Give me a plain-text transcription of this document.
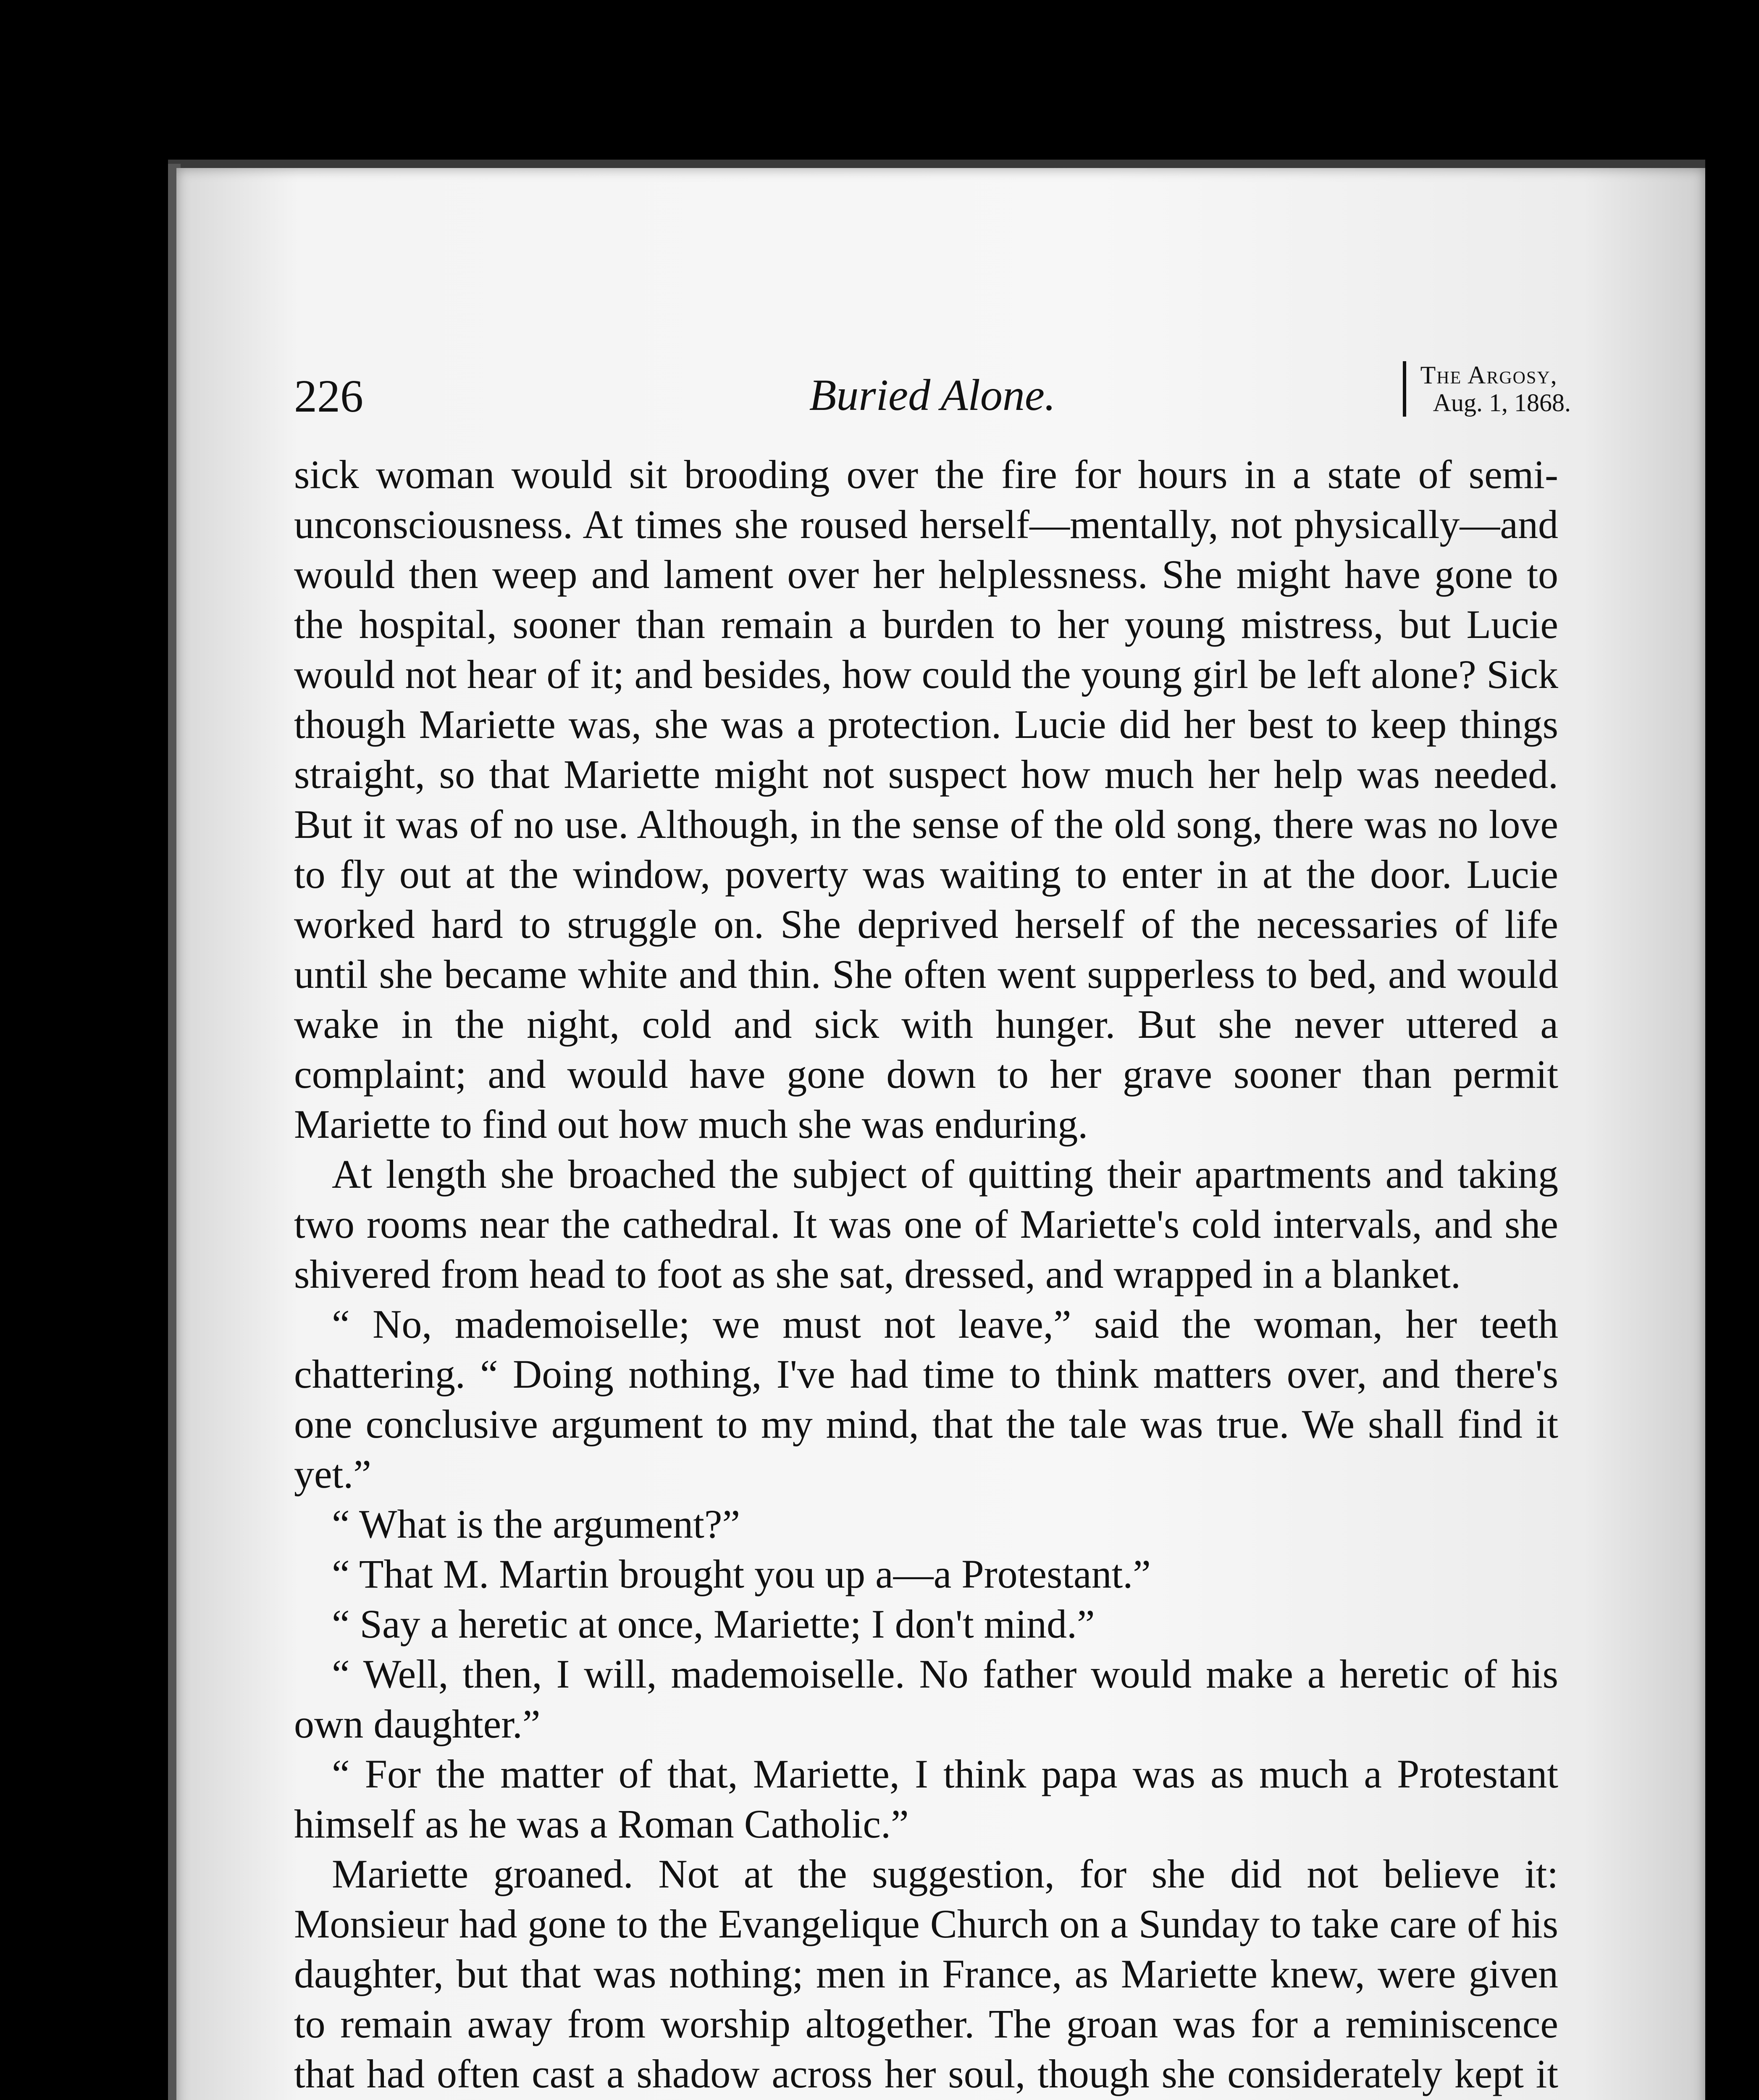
226	Buried Alone.	The Argosy,
Aug. 1, 1868.

sick woman would sit brooding over the fire for hours in a state of semi-unconsciousness. At times she roused herself—mentally, not physically—and would then weep and lament over her helplessness. She might have gone to the hospital, sooner than remain a burden to her young mistress, but Lucie would not hear of it; and besides, how could the young girl be left alone? Sick though Mariette was, she was a protection. Lucie did her best to keep things straight, so that Mariette might not suspect how much her help was needed. But it was of no use. Although, in the sense of the old song, there was no love to fly out at the window, poverty was waiting to enter in at the door. Lucie worked hard to struggle on. She deprived herself of the necessaries of life until she became white and thin. She often went supperless to bed, and would wake in the night, cold and sick with hunger. But she never uttered a complaint; and would have gone down to her grave sooner than permit Mariette to find out how much she was enduring.

At length she broached the subject of quitting their apartments and taking two rooms near the cathedral. It was one of Mariette's cold intervals, and she shivered from head to foot as she sat, dressed, and wrapped in a blanket.

“ No, mademoiselle; we must not leave,” said the woman, her teeth chattering. “ Doing nothing, I've had time to think matters over, and there's one conclusive argument to my mind, that the tale was true. We shall find it yet.”

“ What is the argument?”

“ That M. Martin brought you up a—a Protestant.”

“ Say a heretic at once, Mariette; I don't mind.”

“ Well, then, I will, mademoiselle. No father would make a heretic of his own daughter.”

“ For the matter of that, Mariette, I think papa was as much a Protestant himself as he was a Roman Catholic.”

Mariette groaned. Not at the suggestion, for she did not believe it: Monsieur had gone to the Evangelique Church on a Sunday to take care of his daughter, but that was nothing; men in France, as Mariette knew, were given to remain away from worship altogether. The groan was for a reminiscence that had often cast a shadow across her soul, though she considerately kept it
